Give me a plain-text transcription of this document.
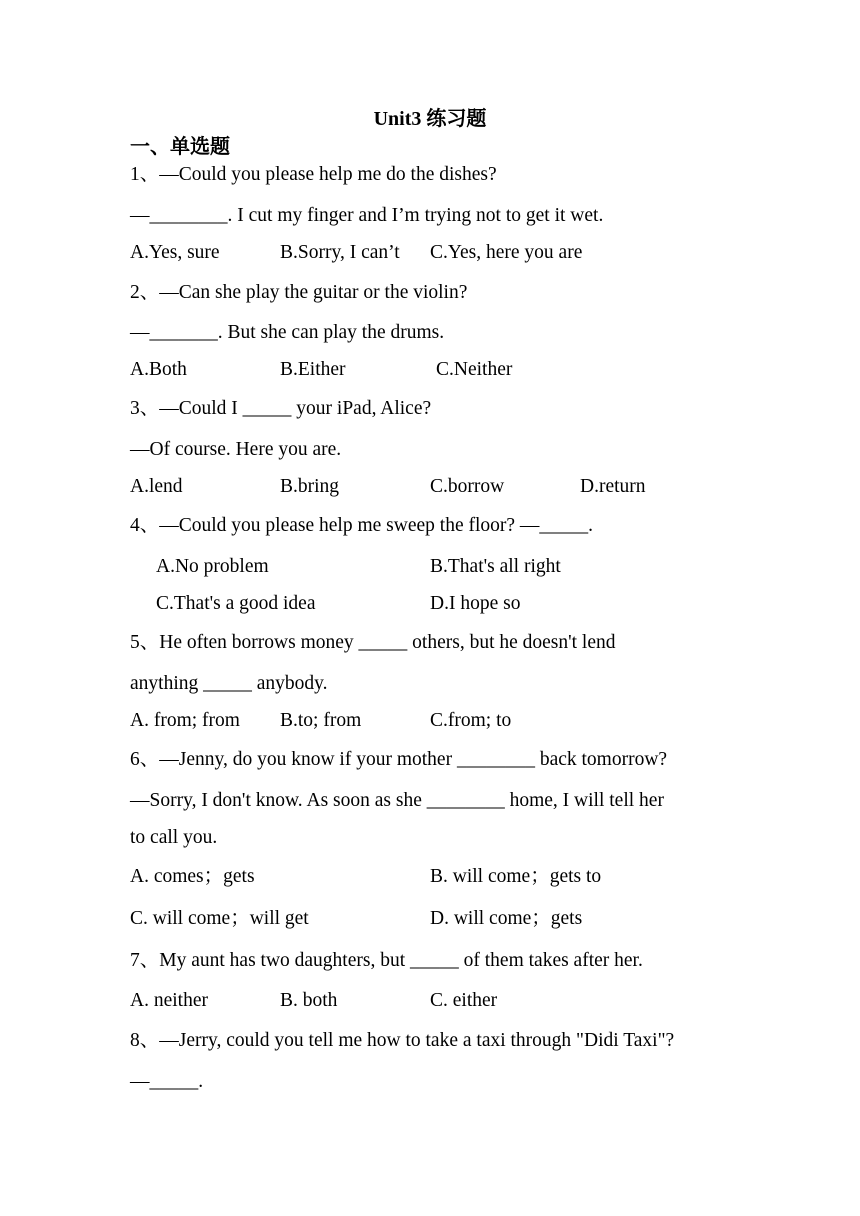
Unit3 练习题
一、单选题
1、—Could you please help me do the dishes?
—________. I cut my finger and I’m trying not to get it wet.
A.Yes, sure	B.Sorry, I can’t C.Yes, here you are
2、—Can she play the guitar or the violin?
—_______. But she can play the drums.
A.Both	B.Either	C.Neither
3、—Could I _____ your iPad, Alice?
—Of course. Here you are.
A.lend	B.bring	C.borrow	D.return
4、—Could you please help me sweep the floor? —_____.
A.No problem	B.That's all right
C.That's a good idea	D.I hope so
5、He often borrows money _____ others, but he doesn't lend
anything _____ anybody.
A. from; from B.to; from	C.from; to
6、—Jenny, do you know if your mother ________ back tomorrow?
—Sorry, I don't know. As soon as she ________ home, I will tell her
to call you.
A. comes；gets	B. will come；gets to
C. will come；will get	D. will come；gets
7、My aunt has two daughters, but _____ of them takes after her.
A. neither	B. both	C. either
8、—Jerry, could you tell me how to take a taxi through "Didi Taxi"?
—_____.
